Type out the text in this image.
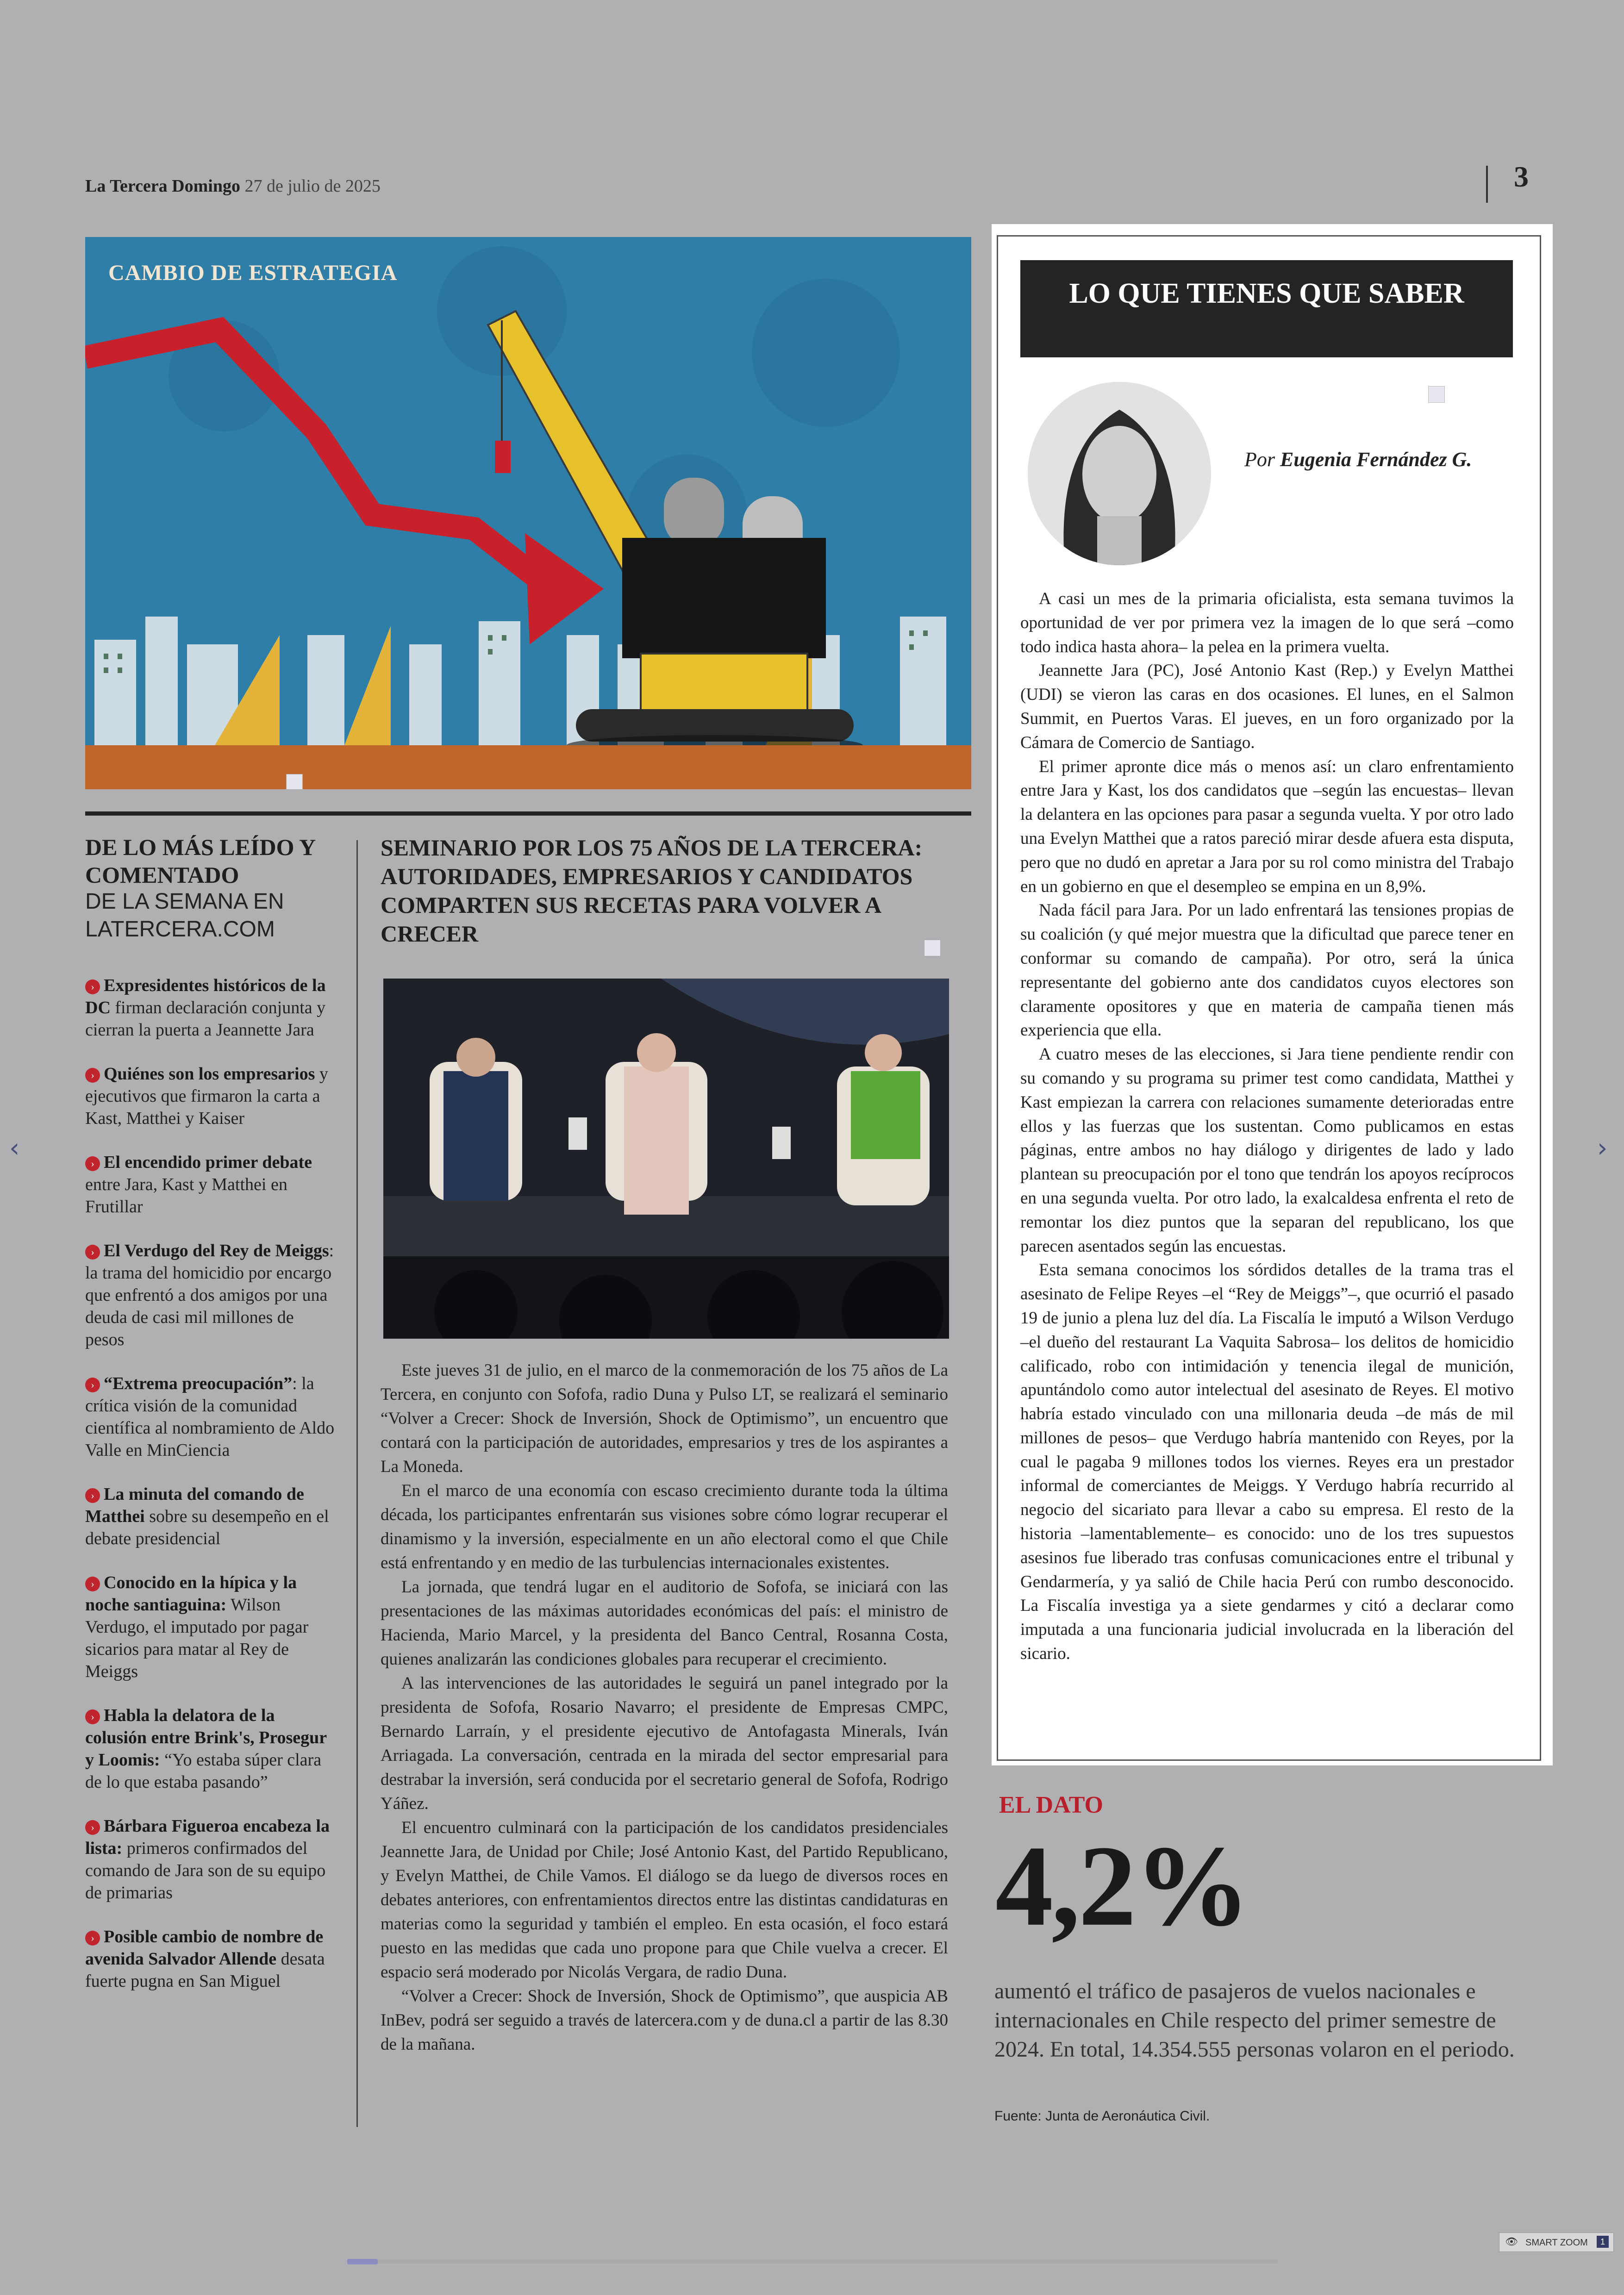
La Tercera Domingo 27 de julio de 2025	3
CAMBIO DE ESTRATEGIA
DE LO MÁS LEÍDO Y COMENTADO
DE LA SEMANA EN LATERCERA.COM
› Expresidentes históricos de la DC firman declaración conjunta y cierran la puerta a Jeannette Jara
› Quiénes son los empresarios y ejecutivos que firmaron la carta a Kast, Matthei y Kaiser
› El encendido primer debate entre Jara, Kast y Matthei en Frutillar
› El Verdugo del Rey de Meiggs: la trama del homicidio por encargo que enfrentó a dos amigos por una deuda de casi mil millones de pesos
› “Extrema preocupación”: la crítica visión de la comunidad científica al nombramiento de Aldo Valle en MinCiencia
› La minuta del comando de Matthei sobre su desempeño en el debate presidencial
› Conocido en la hípica y la noche santiaguina: Wilson Verdugo, el imputado por pagar sicarios para matar al Rey de Meiggs
› Habla la delatora de la colusión entre Brink's, Prosegur y Loomis: “Yo estaba súper clara de lo que estaba pasando”
› Bárbara Figueroa encabeza la lista: primeros confirmados del comando de Jara son de su equipo de primarias
› Posible cambio de nombre de avenida Salvador Allende desata fuerte pugna en San Miguel
SEMINARIO POR LOS 75 AÑOS DE LA TERCERA: AUTORIDADES, EMPRESARIOS Y CANDIDATOS COMPARTEN SUS RECETAS PARA VOLVER A CRECER

Este jueves 31 de julio, en el marco de la conmemoración de los 75 años de La Tercera, en conjunto con Sofofa, radio Duna y Pulso LT, se realizará el seminario “Volver a Crecer: Shock de Inversión, Shock de Optimismo”, un encuentro que contará con la participación de autoridades, empresarios y tres de los aspirantes a La Moneda.

En el marco de una economía con escaso crecimiento durante toda la última década, los participantes enfrentarán sus visiones sobre cómo lograr recuperar el dinamismo y la inversión, especialmente en un año electoral como el que Chile está enfrentando y en medio de las turbulencias internacionales existentes.

La jornada, que tendrá lugar en el auditorio de Sofofa, se iniciará con las presentaciones de las máximas autoridades económicas del país: el ministro de Hacienda, Mario Marcel, y la presidenta del Banco Central, Rosanna Costa, quienes analizarán las condiciones globales para recuperar el crecimiento.

A las intervenciones de las autoridades le seguirá un panel integrado por la presidenta de Sofofa, Rosario Navarro; el presidente de Empresas CMPC, Bernardo Larraín, y el presidente ejecutivo de Antofagasta Minerals, Iván Arriagada. La conversación, centrada en la mirada del sector empresarial para destrabar la inversión, será conducida por el secretario general de Sofofa, Rodrigo Yáñez.

El encuentro culminará con la participación de los candidatos presidenciales Jeannette Jara, de Unidad por Chile; José Antonio Kast, del Partido Republicano, y Evelyn Matthei, de Chile Vamos. El diálogo se da luego de diversos roces en debates anteriores, con enfrentamientos directos entre las distintas candidaturas en materias como la seguridad y también el empleo. En esta ocasión, el foco estará puesto en las medidas que cada uno propone para que Chile vuelva a crecer. El espacio será moderado por Nicolás Vergara, de radio Duna.

“Volver a Crecer: Shock de Inversión, Shock de Optimismo”, que auspicia AB InBev, podrá ser seguido a través de latercera.com y de duna.cl a partir de las 8.30 de la mañana.

LO QUE TIENES QUE SABER
Por Eugenia Fernández G.

A casi un mes de la primaria oficialista, esta semana tuvimos la oportunidad de ver por primera vez la imagen de lo que será –como todo indica hasta ahora– la pelea en la primera vuelta.

Jeannette Jara (PC), José Antonio Kast (Rep.) y Evelyn Matthei (UDI) se vieron las caras en dos ocasiones. El lunes, en el Salmon Summit, en Puertos Varas. El jueves, en un foro organizado por la Cámara de Comercio de Santiago.

El primer apronte dice más o menos así: un claro enfrentamiento entre Jara y Kast, los dos candidatos que –según las encuestas– llevan la delantera en las opciones para pasar a segunda vuelta. Y por otro lado una Evelyn Matthei que a ratos pareció mirar desde afuera esta disputa, pero que no dudó en apretar a Jara por su rol como ministra del Trabajo en un gobierno en que el desempleo se empina en un 8,9%.

Nada fácil para Jara. Por un lado enfrentará las tensiones propias de su coalición (y qué mejor muestra que la dificultad que parece tener en conformar su comando de campaña). Por otro, será la única representante del gobierno ante dos candidatos cuyos electores son claramente opositores y que en materia de campaña tienen más experiencia que ella.

A cuatro meses de las elecciones, si Jara tiene pendiente rendir con su comando y su programa su primer test como candidata, Matthei y Kast empiezan la carrera con relaciones sumamente deterioradas entre ellos y las fuerzas que los sustentan. Como publicamos en estas páginas, entre ambos no hay diálogo y dirigentes de lado y lado plantean su preocupación por el tono que tendrán los apoyos recíprocos en una segunda vuelta. Por otro lado, la exalcaldesa enfrenta el reto de remontar los diez puntos que la separan del republicano, los que parecen asentados según las encuestas.

Esta semana conocimos los sórdidos detalles de la trama tras el asesinato de Felipe Reyes –el “Rey de Meiggs”–, que ocurrió el pasado 19 de junio a plena luz del día. La Fiscalía le imputó a Wilson Verdugo –el dueño del restaurant La Vaquita Sabrosa– los delitos de homicidio calificado, robo con intimidación y tenencia ilegal de munición, apuntándolo como autor intelectual del asesinato de Reyes. El motivo habría estado vinculado con una millonaria deuda –de más de mil millones de pesos– que Verdugo habría mantenido con Reyes, por la cual le pagaba 9 millones todos los viernes. Reyes era un prestador informal de comerciantes de Meiggs. Y Verdugo habría recurrido al negocio del sicariato para llevar a cabo su empresa. El resto de la historia –lamentablemente– es conocido: uno de los tres supuestos asesinos fue liberado tras confusas comunicaciones entre el tribunal y Gendarmería, y ya salió de Chile hacia Perú con rumbo desconocido. La Fiscalía investiga ya a siete gendarmes y citó a declarar como imputada a una funcionaria judicial involucrada en la liberación del sicario.

EL DATO
4,2%
aumentó el tráfico de pasajeros de vuelos nacionales e internacionales en Chile respecto del primer semestre de 2024. En total, 14.354.555 personas volaron en el periodo.
Fuente: Junta de Aeronáutica Civil.
‹	›
👁 SMART ZOOM	1
